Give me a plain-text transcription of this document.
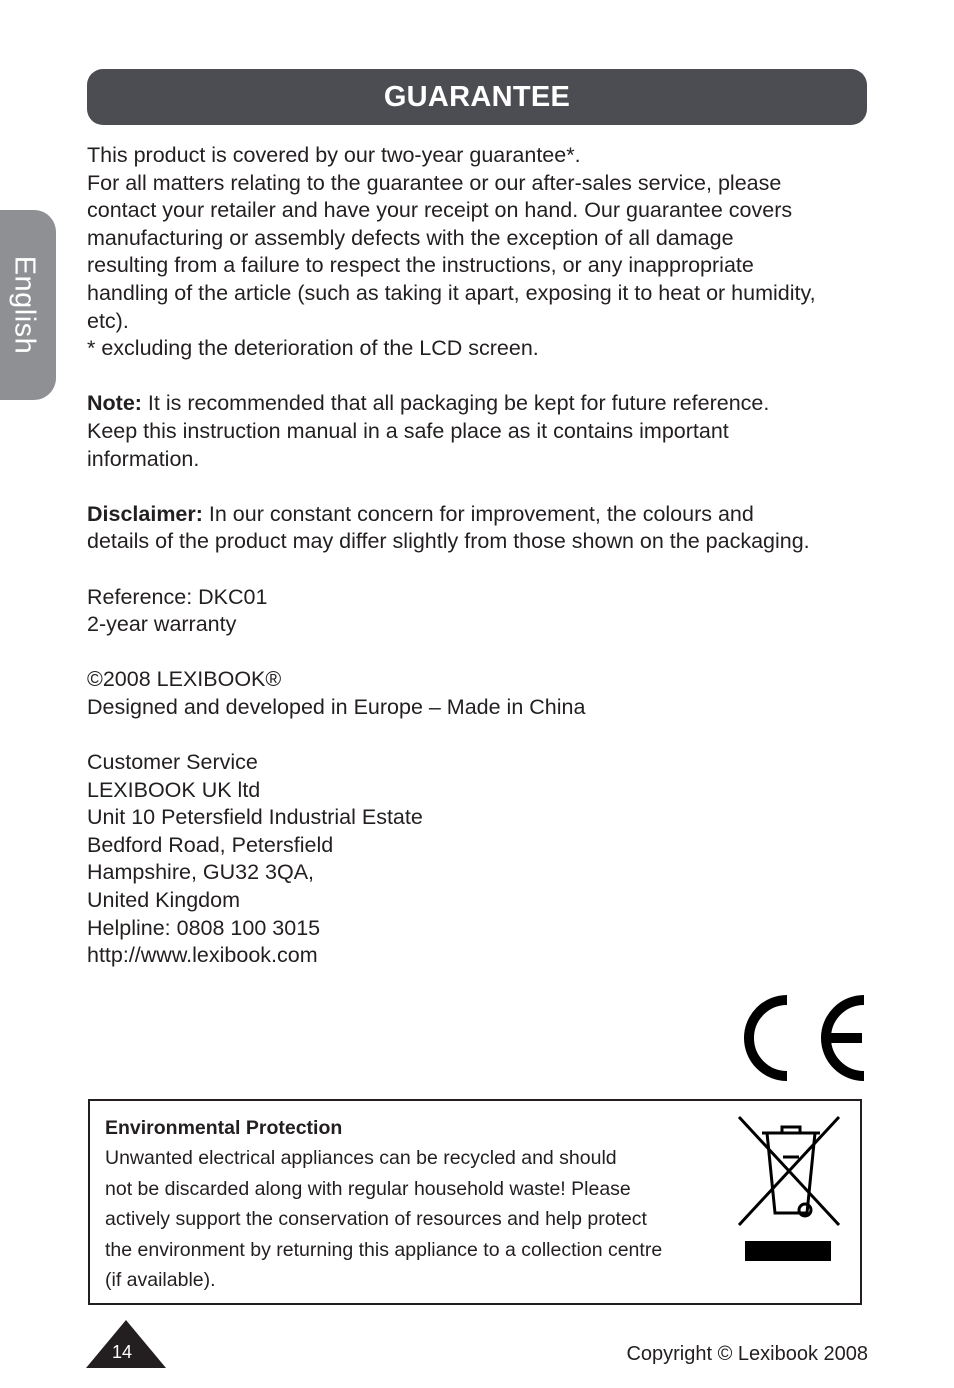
English
GUARANTEE

This product is covered by our two-year guarantee*.

For all matters relating to the guarantee or our after-sales service, please

contact your retailer and have your receipt on hand. Our guarantee covers

manufacturing or assembly defects with the exception of all damage

resulting from a failure to respect the instructions, or any inappropriate

handling of the article (such as taking it apart, exposing it to heat or humidity,

etc).

* excluding the deterioration of the LCD screen.

Note: It is recommended that all packaging be kept for future reference.

Keep this instruction manual in a safe place as it contains important

information.

Disclaimer: In our constant concern for improvement, the colours and

details of the product may differ slightly from those shown on the packaging.

Reference: DKC01

2-year warranty

©2008 LEXIBOOK®

Designed and developed in Europe – Made in China

Customer Service

LEXIBOOK UK ltd

Unit 10 Petersfield Industrial Estate

Bedford Road, Petersfield

Hampshire, GU32 3QA,

United Kingdom

Helpline: 0808 100 3015

http://www.lexibook.com

Environmental Protection

Unwanted electrical appliances can be recycled and should

not be discarded along with regular household waste! Please

actively support the conservation of resources and help protect

the environment by returning this appliance to a collection centre

(if available).

14	Copyright © Lexibook 2008
